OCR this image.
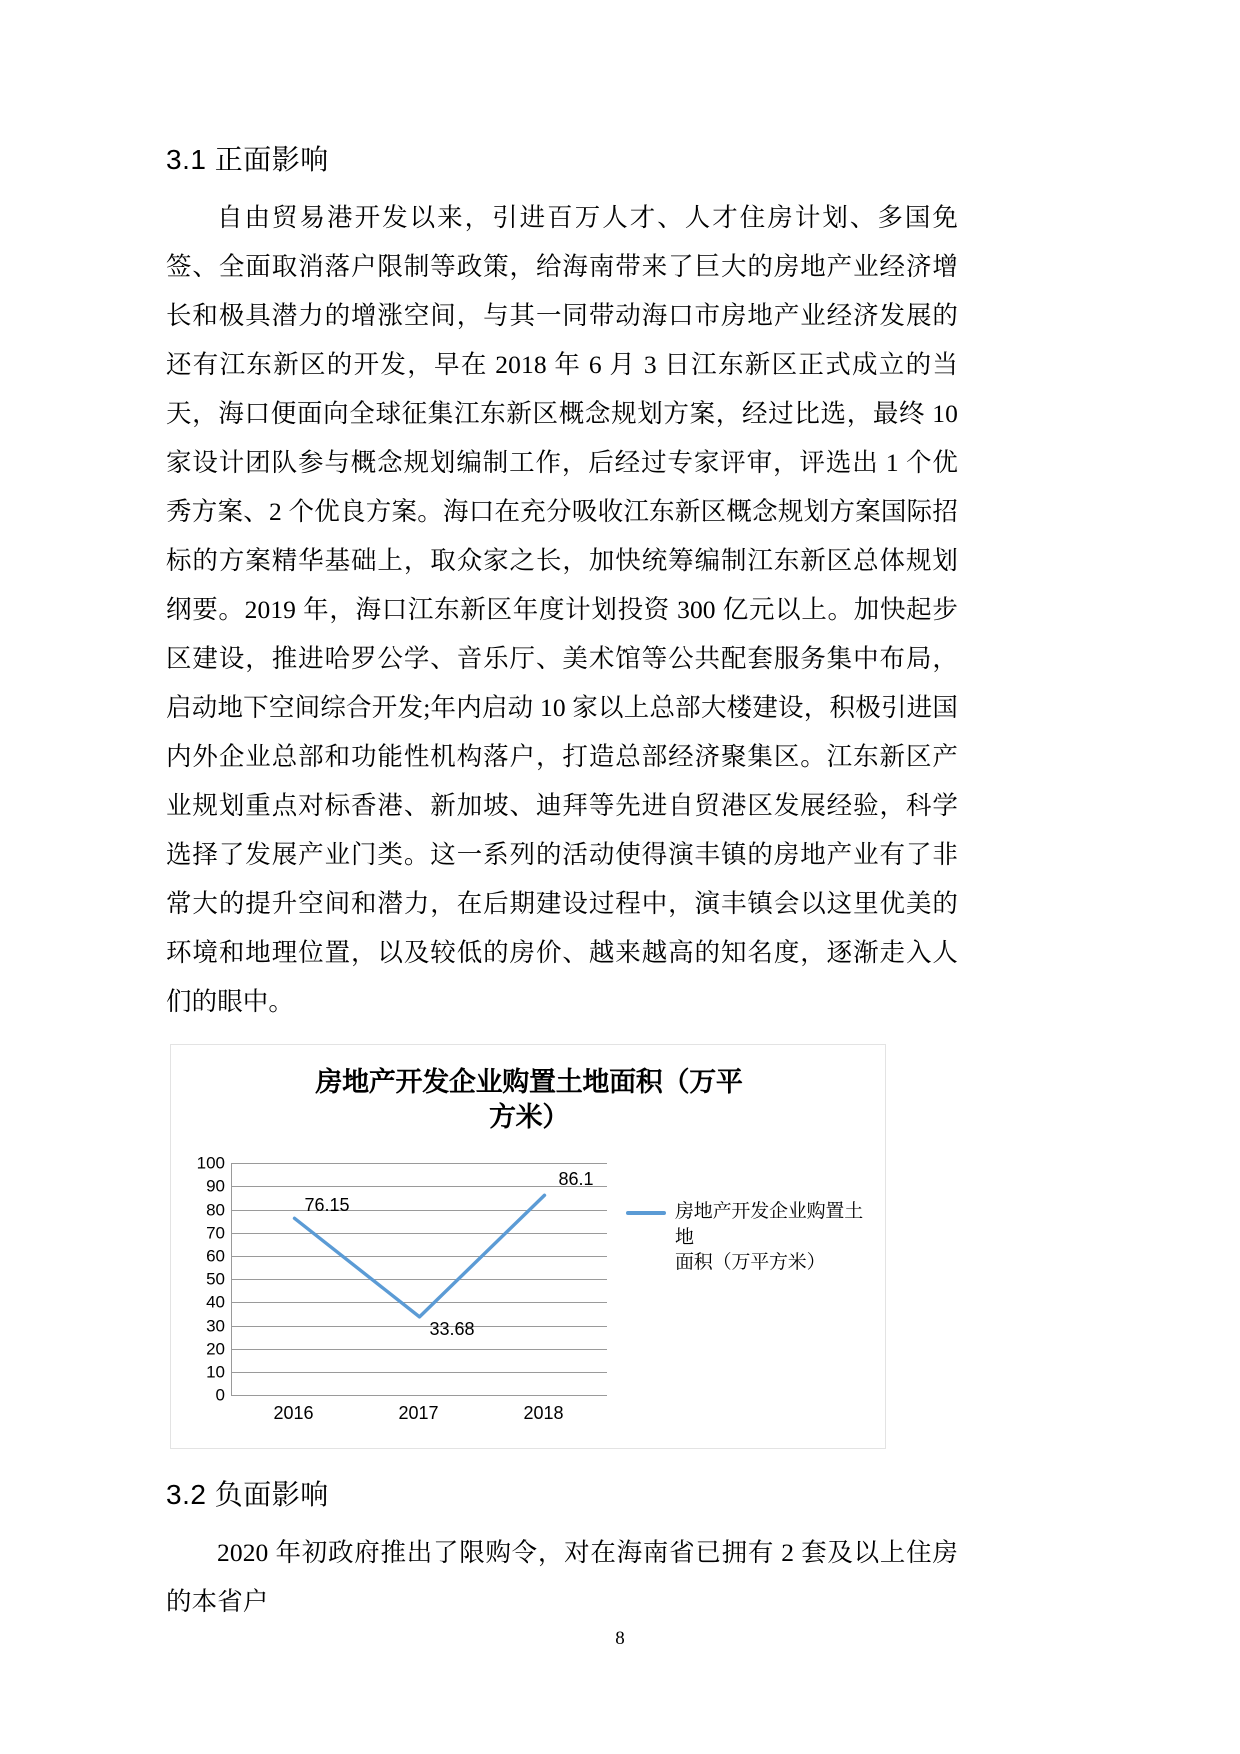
3.1 正面影响

自由贸易港开发以来，引进百万人才、人才住房计划、多国免签、全面取消落户限制等政策，给海南带来了巨大的房地产业经济增长和极具潜力的增涨空间，与其一同带动海口市房地产业经济发展的还有江东新区的开发，早在 2018 年 6 月 3 日江东新区正式成立的当天，海口便面向全球征集江东新区概念规划方案，经过比选，最终 10 家设计团队参与概念规划编制工作，后经过专家评审，评选出 1 个优秀方案、2 个优良方案。海口在充分吸收江东新区概念规划方案国际招标的方案精华基础上，取众家之长，加快统筹编制江东新区总体规划纲要。2019 年，海口江东新区年度计划投资 300 亿元以上。加快起步区建设，推进哈罗公学、音乐厅、美术馆等公共配套服务集中布局，启动地下空间综合开发;年内启动 10 家以上总部大楼建设，积极引进国内外企业总部和功能性机构落户，打造总部经济聚集区。江东新区产业规划重点对标香港、新加坡、迪拜等先进自贸港区发展经验，科学选择了发展产业门类。这一系列的活动使得演丰镇的房地产业有了非常大的提升空间和潜力，在后期建设过程中，演丰镇会以这里优美的环境和地理位置，以及较低的房价、越来越高的知名度，逐渐走入人们的眼中。

房地产开发企业购置土地面积（万平
方米）
100
90
80
70
60
50
40
30
20
10
0
76.15
33.68
86.1
2016	2017	2018
房地产开发企业购置土地
面积（万平方米）
3.2 负面影响

2020 年初政府推出了限购令，对在海南省已拥有 2 套及以上住房的本省户

8
